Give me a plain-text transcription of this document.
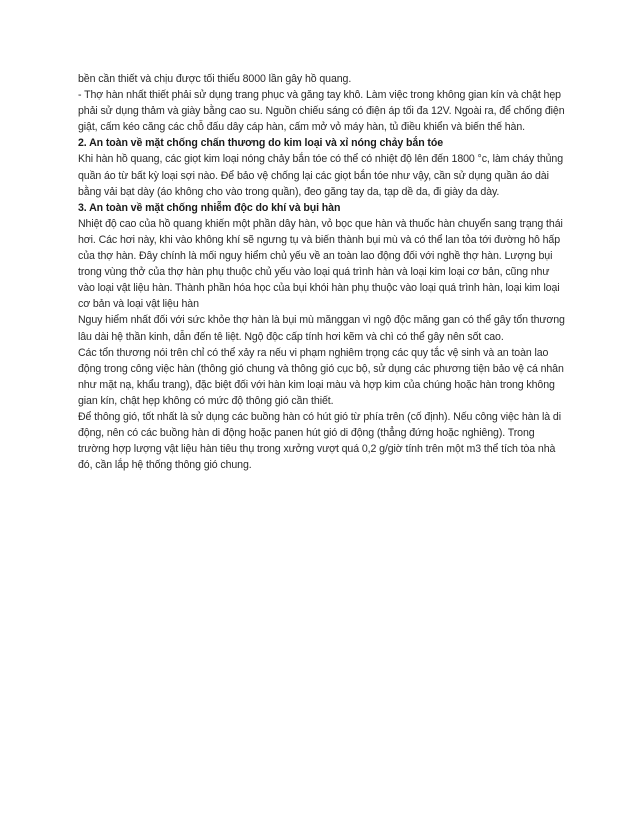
bền cần thiết và chịu được tối thiểu 8000 lần gây hồ quang.

- Thợ hàn nhất thiết phải sử dụng trang phục và găng tay khô. Làm việc trong không gian kín và chật hẹp phải sử dụng thảm và giày bằng cao su. Nguồn chiếu sáng có điện áp tối đa 12V. Ngoài ra, để chống điện giật, cấm kéo căng các chỗ đấu dây cáp hàn, cấm mở vỏ máy hàn, tủ điều khiển và biến thế hàn.

2. An toàn về mặt chống chấn thương do kim loại và xỉ nóng chảy bắn tóe

Khi hàn hồ quang, các giọt kim loại nóng chảy bắn tóe có thể có nhiệt độ lên đến 1800 °c, làm cháy thủng quần áo từ bất kỳ loại sợi nào. Để bảo vệ chống lại các giọt bắn tóe như vậy, cần sử dụng quần áo dài bằng vải bạt dày (áo không cho vào trong quần), đeo găng tay da, tạp dề da, đi giày da dày.

3. An toàn về mặt chống nhiễm độc do khí và bụi hàn

Nhiệt độ cao của hồ quang khiến một phần dây hàn, vỏ bọc que hàn và thuốc hàn chuyển sang trạng thái hơi. Các hơi này, khi vào không khí sẽ ngưng tụ và biến thành bụi mù và có thể lan tỏa tới đường hô hấp của thợ hàn. Đây chính là mối nguy hiểm chủ yếu về an toàn lao động đối với nghề thợ hàn. Lượng bụi trong vùng thở của thợ hàn phụ thuộc chủ yếu vào loại quá trình hàn và loại kim loại cơ bản, cũng như vào loại vật liệu hàn. Thành phần hóa học của bụi khói hàn phụ thuộc vào loại quá trình hàn, loại kim loại cơ bản và loại vật liệu hàn

Nguy hiểm nhất đối với sức khỏe thợ hàn là bụi mù mănggan vì ngộ độc măng gan có thể gây tổn thương lâu dài hệ thần kinh, dẫn đến tê liệt. Ngộ độc cấp tính hơi kẽm và chì có thể gây nên sốt cao.

Các tổn thương nói trên chỉ có thể xảy ra nếu vi phạm nghiêm trọng các quy tắc vệ sinh và an toàn lao động trong công việc hàn (thông gió chung và thông gió cục bộ, sử dụng các phương tiện bảo vệ cá nhân như mặt nạ, khẩu trang), đặc biệt đối với hàn kim loại màu và hợp kim của chúng hoặc hàn trong không gian kín, chật hẹp không có mức độ thông gió cần thiết.

Để thông gió, tốt nhất là sử dụng các buồng hàn có hút gió từ phía trên (cố định). Nếu công việc hàn là di động, nên có các buồng hàn di động hoặc panen hút gió di động (thẳng đứng hoặc nghiêng). Trong trường hợp lượng vật liệu hàn tiêu thụ trong xưởng vượt quá 0,2 g/giờ tính trên một m3 thể tích tòa nhà đó, cần lắp hệ thống thông gió chung.
